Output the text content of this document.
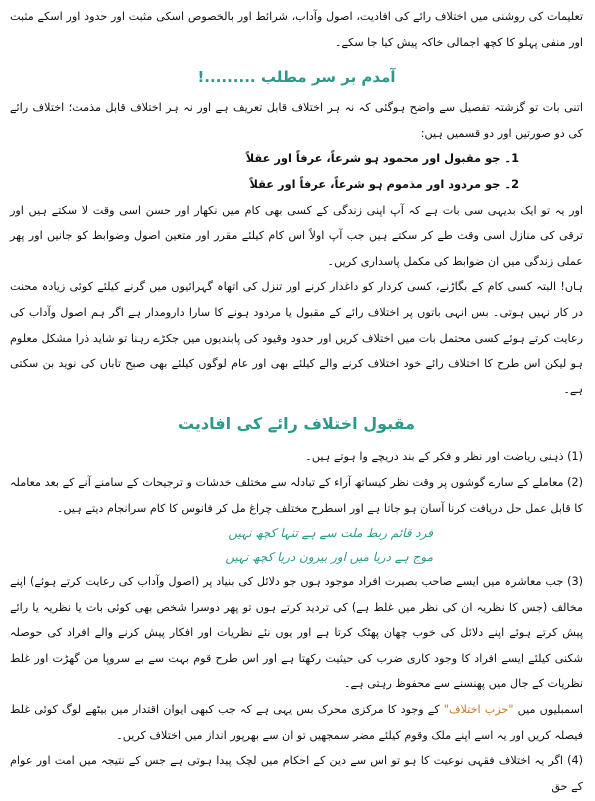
تعلیمات کی روشنی میں اختلاف رائے کی افادیت، اصول وآداب، شرائط اور بالخصوص اسکی مثبت اور حدود اور اسکے مثبت اور منفی پہلو کا کچھ اجمالی خاکہ پیش کیا جا سکے۔

آمدم بر سر مطلب .........!

اتنی بات تو گزشتہ تفصیل سے واضح ہوگئی کہ نہ ہر اختلاف قابل تعریف ہے اور نہ ہر اختلاف قابل مذمت؛ اختلاف رائے کی دو صورتیں اور دو قسمیں ہیں:

1۔ جو مقبول اور محمود ہو شرعاً، عرفاً اور عقلاً

2۔ جو مردود اور مذموم ہو شرعاً، عرفاً اور عقلاً

اور یہ تو ایک بدیہی سی بات ہے کہ آپ اپنی زندگی کے کسی بھی کام میں نکھار اور حسن اسی وقت لا سکتے ہیں اور ترقی کی منازل اسی وقت طے کر سکتے ہیں جب آپ اولاً اس کام کیلئے مقرر اور متعین اصول وضوابط کو جانیں اور پھر عملی زندگی میں ان ضوابط کی مکمل پاسداری کریں۔

ہاں! البتہ کسی کام کے بگاڑنے، کسی کردار کو داغدار کرنے اور تنزل کی اتھاہ گہرائیوں میں گرنے کیلئے کوئی زیادہ محنت در کار نہیں ہوتی۔ بس انہی باتوں پر اختلاف رائے کے مقبول یا مردود ہونے کا سارا دارومدار ہے اگر ہم اصول وآداب کی رعایت کرتے ہوئے کسی محتمل بات میں اختلاف کریں اور حدود وقیود کی پابندیوں میں جکڑے رہنا تو شاید ذرا مشکل معلوم ہو لیکن اس طرح کا اختلاف رائے خود اختلاف کرنے والے کیلئے بھی اور عام لوگوں کیلئے بھی صبح تاباں کی نوید بن سکتی ہے۔

مقبول اختلاف رائے کی افادیت

(1) ذہنی ریاضت اور نظر و فکر کے بند دریچے وا ہوتے ہیں۔

(2) معاملے کے سارے گوشوں پر وقت نظر کیساتھ آراء کے تبادلہ سے مختلف خدشات و ترجیحات کے سامنے آنے کے بعد معاملہ کا قابل عمل حل دریافت کرنا آسان ہو جاتا ہے اور اسطرح مختلف چراغ مل کر فانوس کا کام سرانجام دیتے ہیں۔

فرد قائم ربط ملت سے ہے تنہا کچھ نہیں

موج ہے دریا میں اور بیرون دریا کچھ نہیں

(3) جب معاشرہ میں ایسے صاحب بصیرت افراد موجود ہوں جو دلائل کی بنیاد پر (اصول وآداب کی رعایت کرتے ہوئے) اپنے مخالف (جس کا نظریہ ان کی نظر میں غلط ہے) کی تردید کرتے ہوں تو پھر دوسرا شخص بھی کوئی بات یا نظریہ یا رائے پیش کرتے ہوئے اپنے دلائل کی خوب چھان پھٹک کرتا ہے اور یوں نئے نظریات اور افکار پیش کرنے والے افراد کی حوصلہ شکنی کیلئے ایسے افراد کا وجود کاری ضرب کی حیثیت رکھتا ہے اور اس طرح قوم بہت سے بے سروپا من گھڑت اور غلط نظریات کے جال میں پھنسنے سے محفوظ رہتی ہے۔

اسمبلیوں میں "حزب اختلاف" کے وجود کا مرکزی محرک بس یہی ہے کہ جب کبھی ایوان اقتدار میں بیٹھے لوگ کوئی غلط فیصلہ کریں اور یہ اسے اپنے ملک وقوم کیلئے مضر سمجھیں تو ان سے بھرپور انداز میں اختلاف کریں۔

(4) اگر یہ اختلاف فقہی نوعیت کا ہو تو اس سے دین کے احکام میں لچک پیدا ہوتی ہے جس کے نتیجہ میں امت اور عوام کے حق
